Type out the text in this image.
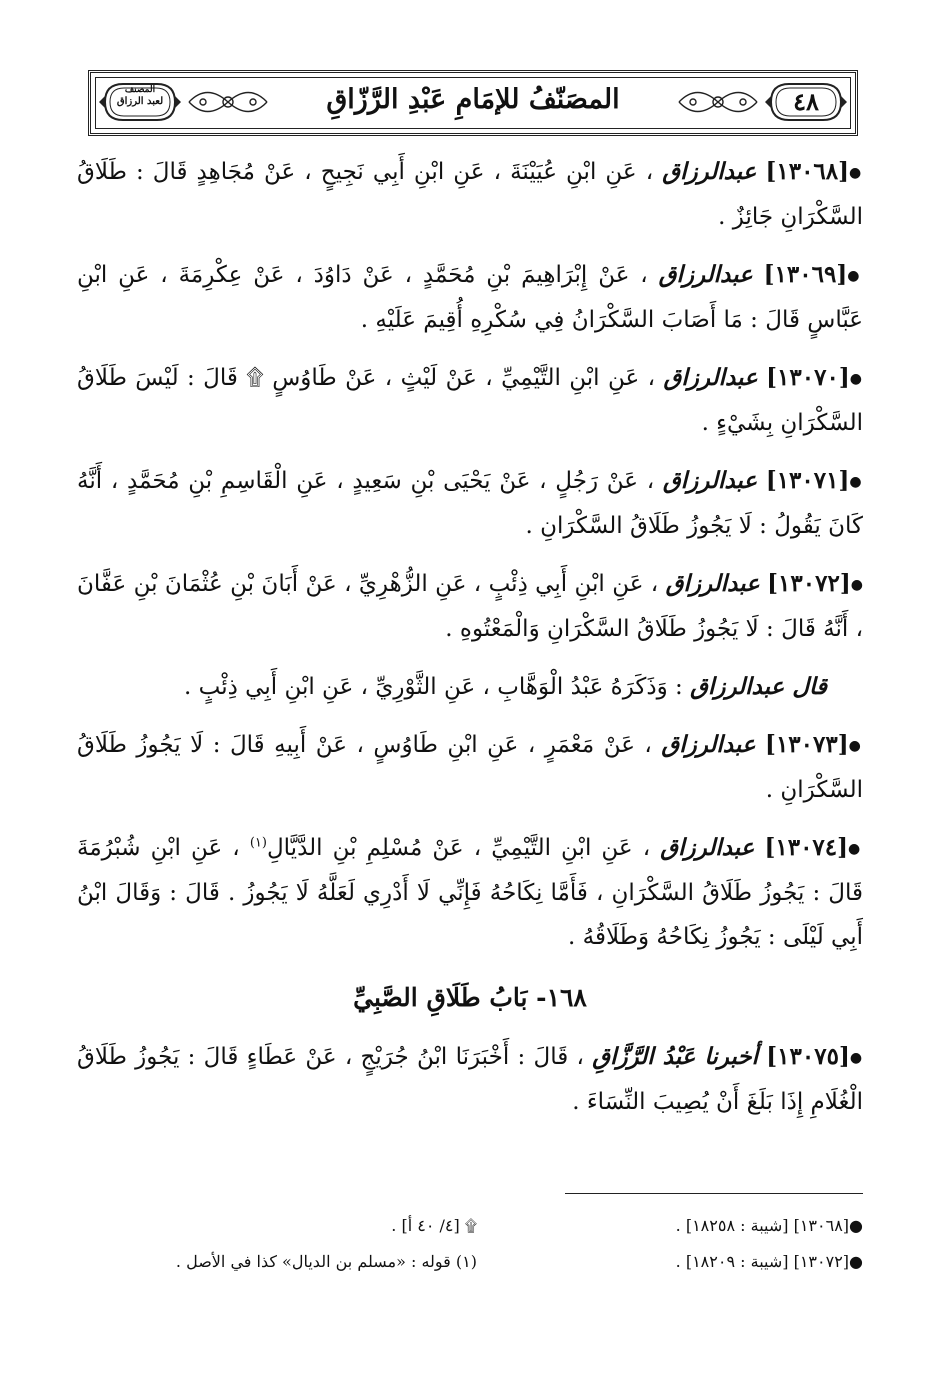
٤٨
المصنف
لعبد الرزاق	المصَنّفُ للإمَامِ عَبْدِ الرَّزّاقِ

●[١٣٠٦٨] عبدالرزاق ، عَنِ ابْنِ عُيَيْنَةَ ، عَنِ ابْنِ أَبِي نَجِيحٍ ، عَنْ مُجَاهِدٍ قَالَ : طَلَاقُ السَّكْرَانِ جَائِزٌ .

●[١٣٠٦٩] عبدالرزاق ، عَنْ إِبْرَاهِيمَ بْنِ مُحَمَّدٍ ، عَنْ دَاوُدَ ، عَنْ عِكْرِمَةَ ، عَنِ ابْنِ عَبَّاسٍ قَالَ : مَا أَصَابَ السَّكْرَانُ فِي سُكْرِهِ أُقِيمَ عَلَيْهِ .

●[١٣٠٧٠] عبدالرزاق ، عَنِ ابْنِ التَّيْمِيِّ ، عَنْ لَيْثٍ ، عَنْ طَاوُسٍ ۩ قَالَ : لَيْسَ طَلَاقُ السَّكْرَانِ بِشَيْءٍ .

●[١٣٠٧١] عبدالرزاق ، عَنْ رَجُلٍ ، عَنْ يَحْيَى بْنِ سَعِيدٍ ، عَنِ الْقَاسِمِ بْنِ مُحَمَّدٍ ، أَنَّهُ كَانَ يَقُولُ : لَا يَجُوزُ طَلَاقُ السَّكْرَانِ .

●[١٣٠٧٢] عبدالرزاق ، عَنِ ابْنِ أَبِي ذِئْبٍ ، عَنِ الزُّهْرِيِّ ، عَنْ أَبَانَ بْنِ عُثْمَانَ بْنِ عَفَّانَ ، أَنَّهُ قَالَ : لَا يَجُوزُ طَلَاقُ السَّكْرَانِ وَالْمَعْتُوهِ .

قال عبدالرزاق : وَذَكَرَهُ عَبْدُ الْوَهَّابِ ، عَنِ الثَّوْرِيِّ ، عَنِ ابْنِ أَبِي ذِئْبٍ .

●[١٣٠٧٣] عبدالرزاق ، عَنْ مَعْمَرٍ ، عَنِ ابْنِ طَاوُسٍ ، عَنْ أَبِيهِ قَالَ : لَا يَجُوزُ طَلَاقُ السَّكْرَانِ .

●[١٣٠٧٤] عبدالرزاق ، عَنِ ابْنِ التَّيْمِيِّ ، عَنْ مُسْلِمِ بْنِ الدَّيَّالِ$^{(١)}$ ، عَنِ ابْنِ شُبْرُمَةَ قَالَ : يَجُوزُ طَلَاقُ السَّكْرَانِ ، فَأَمَّا نِكَاحُهُ فَإِنِّي لَا أَدْرِي لَعَلَّهُ لَا يَجُوزُ . قَالَ : وَقَالَ ابْنُ أَبِي لَيْلَى : يَجُوزُ نِكَاحُهُ وَطَلَاقُهُ .

١٦٨- بَابُ طَلَاقِ الصَّبِيِّ

●[١٣٠٧٥] أخبرنا عَبْدُ الرَّزَّاقِ ، قَالَ : أَخْبَرَنَا ابْنُ جُرَيْجٍ ، عَنْ عَطَاءٍ قَالَ : يَجُوزُ طَلَاقُ الْغُلَامِ إِذَا بَلَغَ أَنْ يُصِيبَ النِّسَاءَ .

●[١٣٠٦٨] [شيبة : ١٨٢٥٨] .
۩ [٤/ ٤٠ أ] .
●[١٣٠٧٢] [شيبة : ١٨٢٠٩] .
(١) قوله : «مسلم بن الديال» كذا في الأصل .
